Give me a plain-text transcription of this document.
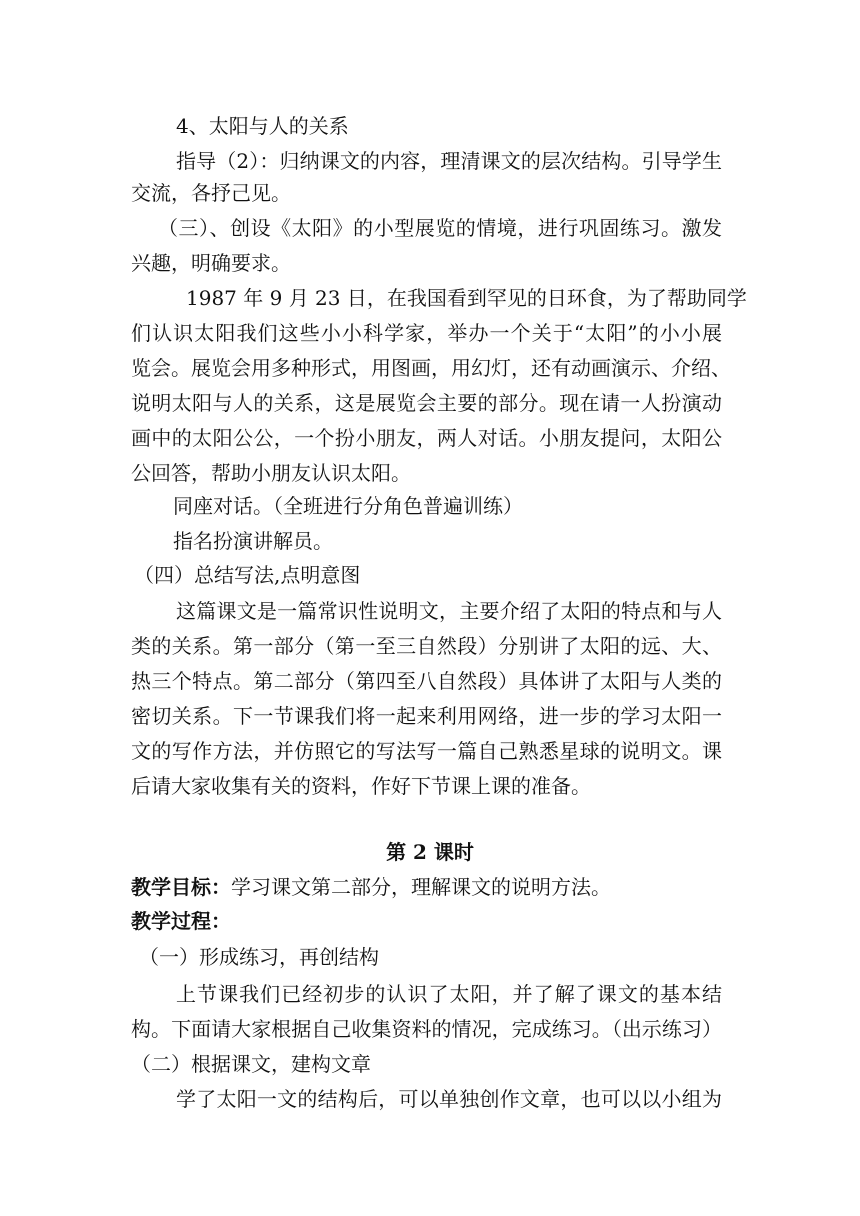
4、太阳与人的关系
指导（2）：归纳课文的内容，理清课文的层次结构。引导学生
交流，各抒己见。
（三）、创设《太阳》的小型展览的情境，进行巩固练习。激发
兴趣，明确要求。
1987 年 9 月 23 日，在我国看到罕见的日环食，为了帮助同学
们认识太阳我们这些小小科学家，举办一个关于“太阳”的小小展
览会。展览会用多种形式，用图画，用幻灯，还有动画演示、介绍、
说明太阳与人的关系，这是展览会主要的部分。现在请一人扮演动
画中的太阳公公，一个扮小朋友，两人对话。小朋友提问，太阳公
公回答，帮助小朋友认识太阳。
同座对话。（全班进行分角色普遍训练）
指名扮演讲解员。
（四）总结写法,点明意图
这篇课文是一篇常识性说明文，主要介绍了太阳的特点和与人
类的关系。第一部分（第一至三自然段）分别讲了太阳的远、大、
热三个特点。第二部分（第四至八自然段）具体讲了太阳与人类的
密切关系。下一节课我们将一起来利用网络，进一步的学习太阳一
文的写作方法，并仿照它的写法写一篇自己熟悉星球的说明文。课
后请大家收集有关的资料，作好下节课上课的准备。
第 2 课时
教学目标：学习课文第二部分，理解课文的说明方法。
教学过程：
（一）形成练习，再创结构
上节课我们已经初步的认识了太阳，并了解了课文的基本结
构。下面请大家根据自己收集资料的情况，完成练习。（出示练习）
（二）根据课文，建构文章
学了太阳一文的结构后，可以单独创作文章，也可以以小组为
